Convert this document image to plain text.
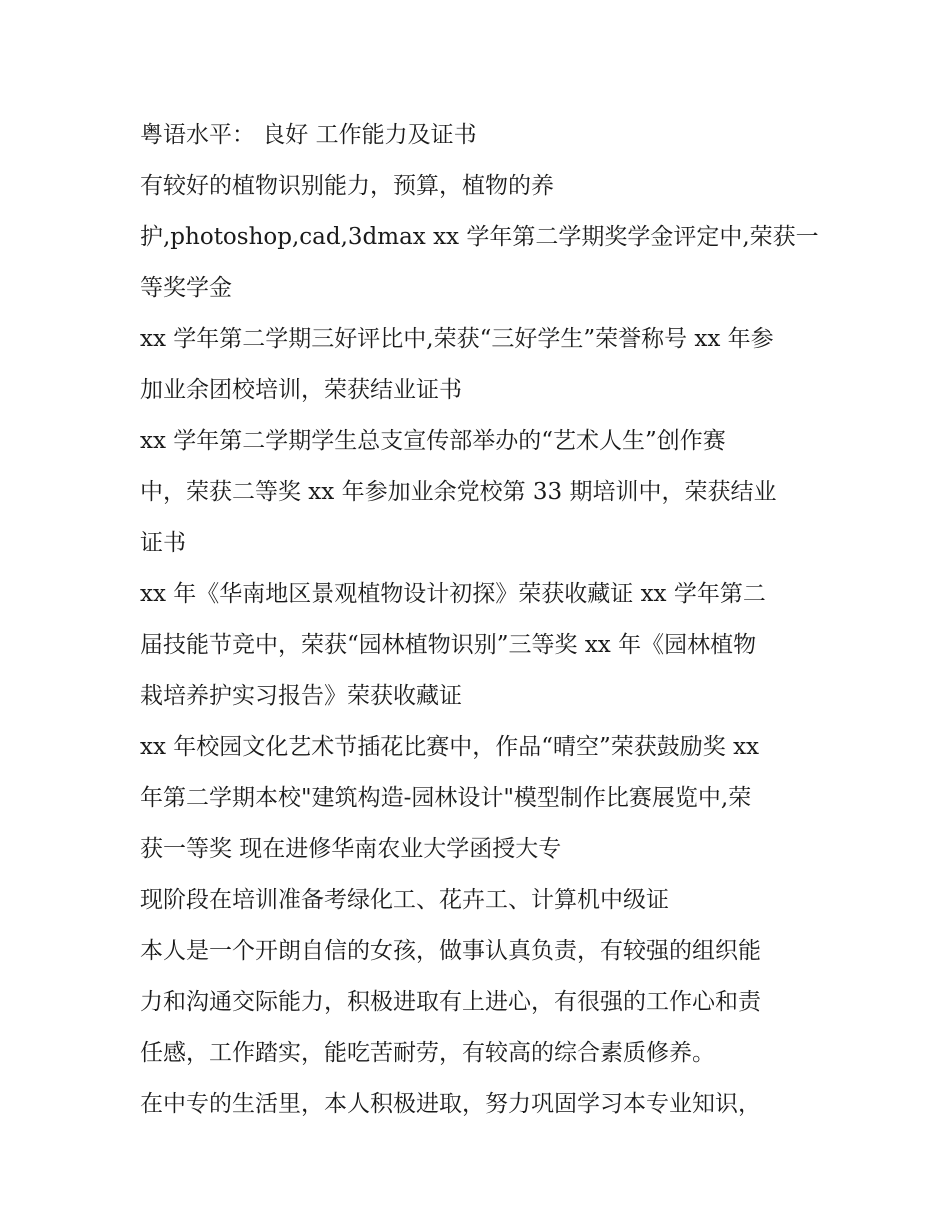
粤语水平： 良好 工作能力及证书
有较好的植物识别能力，预算，植物的养
护,photoshop,cad,3dmax xx 学年第二学期奖学金评定中,荣获一
等奖学金
xx 学年第二学期三好评比中,荣获“三好学生”荣誉称号 xx 年参
加业余团校培训，荣获结业证书
xx 学年第二学期学生总支宣传部举办的“艺术人生”创作赛
中，荣获二等奖 xx 年参加业余党校第 33 期培训中，荣获结业
证书
xx 年《华南地区景观植物设计初探》荣获收藏证 xx 学年第二
届技能节竞中，荣获“园林植物识别”三等奖 xx 年《园林植物
栽培养护实习报告》荣获收藏证
xx 年校园文化艺术节插花比赛中，作品“晴空”荣获鼓励奖 xx
年第二学期本校"建筑构造-园林设计"模型制作比赛展览中,荣
获一等奖 现在进修华南农业大学函授大专
现阶段在培训准备考绿化工、花卉工、计算机中级证
本人是一个开朗自信的女孩，做事认真负责，有较强的组织能
力和沟通交际能力，积极进取有上进心，有很强的工作心和责
任感，工作踏实，能吃苦耐劳，有较高的综合素质修养。
在中专的生活里，本人积极进取，努力巩固学习本专业知识，
